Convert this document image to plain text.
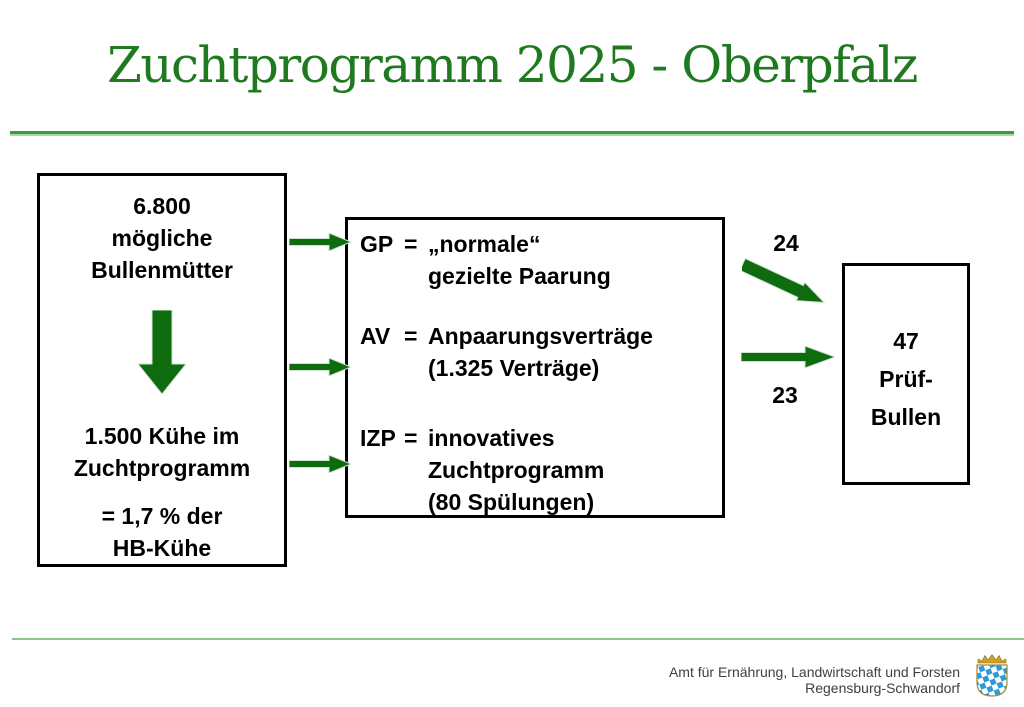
Zuchtprogramm 2025 - Oberpfalz
6.800
mögliche
Bullenmütter
1.500 Kühe im
Zuchtprogramm
= 1,7 % der
HB-Kühe
GP = „normale“
gezielte Paarung
AV = Anpaarungsverträge
(1.325 Verträge)
IZP = innovatives
Zuchtprogramm
(80 Spülungen)
47
Prüf-
Bullen
24
23
Amt für Ernährung, Landwirtschaft und Forsten
Regensburg-Schwandorf
